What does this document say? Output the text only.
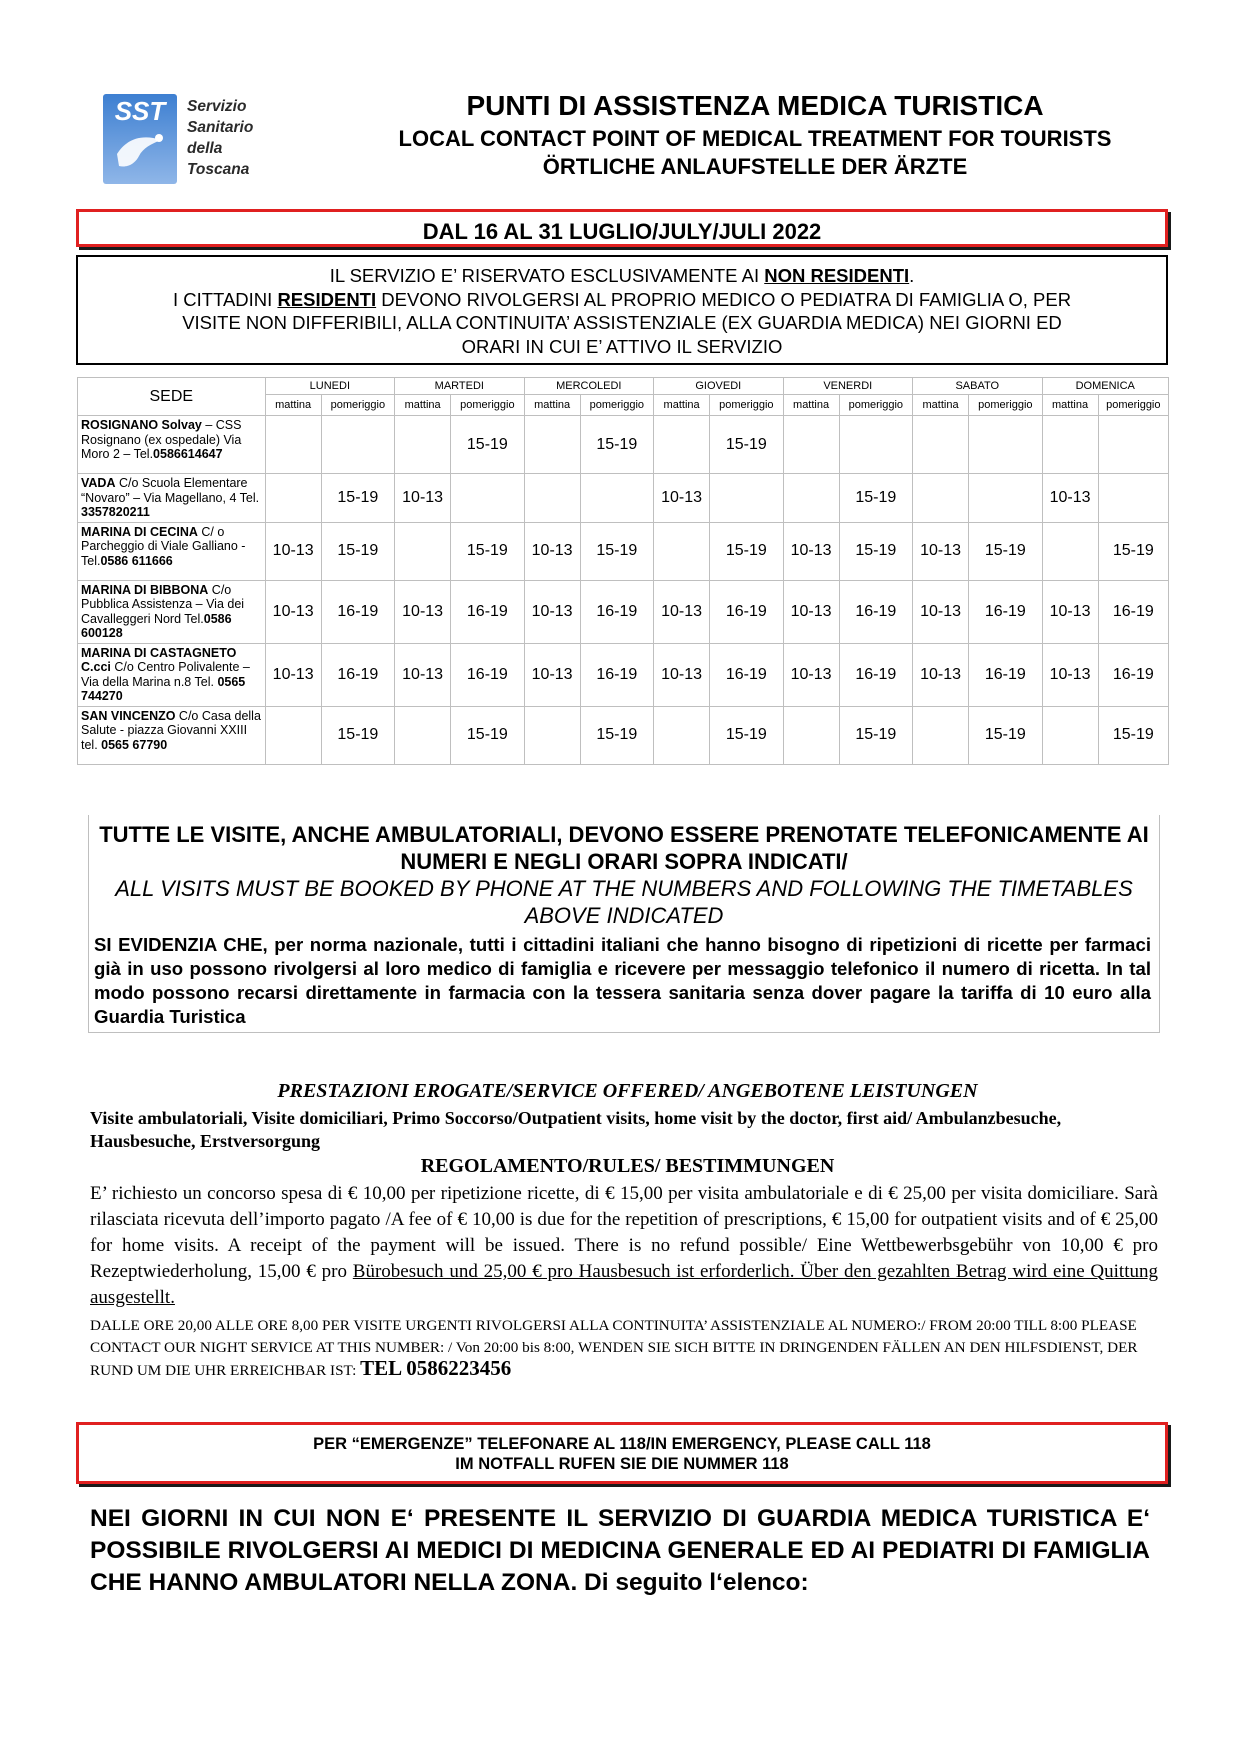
SST Servizio
Sanitario
della
Toscana
PUNTI DI ASSISTENZA MEDICA TURISTICA
LOCAL CONTACT POINT OF MEDICAL TREATMENT FOR TOURISTS
ÖRTLICHE ANLAUFSTELLE DER ÄRZTE
DAL 16 AL 31 LUGLIO/JULY/JULI 2022

IL SERVIZIO E’ RISERVATO ESCLUSIVAMENTE AI NON RESIDENTI.

I CITTADINI RESIDENTI DEVONO RIVOLGERSI AL PROPRIO MEDICO O PEDIATRA DI FAMIGLIA O, PER

VISITE NON DIFFERIBILI, ALLA CONTINUITA’ ASSISTENZIALE (EX GUARDIA MEDICA) NEI GIORNI ED

ORARI IN CUI E’ ATTIVO IL SERVIZIO

SEDE	LUNEDI		MARTEDI		MERCOLEDI		GIOVEDI		VENERDI		SABATO		DOMENICA	
	mattina	pomeriggio	mattina	pomeriggio	mattina	pomeriggio	mattina	pomeriggio	mattina	pomeriggio	mattina	pomeriggio	mattina	pomeriggio
ROSIGNANO Solvay – CSS Rosignano (ex ospedale) Via Moro 2 – Tel.0586614647				15-19		15-19		15-19						
VADA C/o Scuola Elementare “Novaro” – Via Magellano, 4 Tel. 3357820211		15-19	10-13				10-13			15-19			10-13	
MARINA DI CECINA C/ o Parcheggio di Viale Galliano - Tel.0586 611666	10-13	15-19		15-19	10-13	15-19		15-19	10-13	15-19	10-13	15-19		15-19
MARINA DI BIBBONA C/o Pubblica Assistenza – Via dei Cavalleggeri Nord Tel.0586 600128	10-13	16-19	10-13	16-19	10-13	16-19	10-13	16-19	10-13	16-19	10-13	16-19	10-13	16-19
MARINA DI CASTAGNETO C.cci C/o Centro Polivalente – Via della Marina n.8 Tel. 0565 744270	10-13	16-19	10-13	16-19	10-13	16-19	10-13	16-19	10-13	16-19	10-13	16-19	10-13	16-19
SAN VINCENZO C/o Casa della Salute - piazza Giovanni XXIII tel. 0565 67790		15-19		15-19		15-19		15-19		15-19		15-19		15-19
TUTTE LE VISITE, ANCHE AMBULATORIALI, DEVONO ESSERE PRENOTATE TELEFONICAMENTE AI NUMERI E NEGLI ORARI SOPRA INDICATI/
ALL VISITS MUST BE BOOKED BY PHONE AT THE NUMBERS AND FOLLOWING THE TIMETABLES ABOVE INDICATED
SI EVIDENZIA CHE, per norma nazionale, tutti i cittadini italiani che hanno bisogno di ripetizioni di ricette per farmaci già in uso possono rivolgersi al loro medico di famiglia e ricevere per messaggio telefonico il numero di ricetta. In tal modo possono recarsi direttamente in farmacia con la tessera sanitaria senza dover pagare la tariffa di 10 euro alla Guardia Turistica
PRESTAZIONI EROGATE/SERVICE OFFERED/ ANGEBOTENE LEISTUNGEN
Visite ambulatoriali, Visite domiciliari, Primo Soccorso/Outpatient visits, home visit by the doctor, first aid/ Ambulanzbesuche, Hausbesuche, Erstversorgung
REGOLAMENTO/RULES/ BESTIMMUNGEN
E’ richiesto un concorso spesa di € 10,00 per ripetizione ricette, di € 15,00 per visita ambulatoriale e di € 25,00 per visita domiciliare. Sarà rilasciata ricevuta dell’importo pagato /A fee of € 10,00 is due for the repetition of prescriptions, € 15,00 for outpatient visits and of € 25,00 for home visits. A receipt of the payment will be issued. There is no refund possible/ Eine Wettbewerbsgebühr von 10,00 € pro Rezeptwiederholung, 15,00 € pro Bürobesuch und 25,00 € pro Hausbesuch ist erforderlich. Über den gezahlten Betrag wird eine Quittung ausgestellt.
DALLE ORE 20,00 ALLE ORE 8,00 PER VISITE URGENTI RIVOLGERSI ALLA CONTINUITA’ ASSISTENZIALE AL NUMERO:/ FROM 20:00 TILL 8:00 PLEASE CONTACT OUR NIGHT SERVICE AT THIS NUMBER: / Von 20:00 bis 8:00, WENDEN SIE SICH BITTE IN DRINGENDEN FÄLLEN AN DEN HILFSDIENST, DER RUND UM DIE UHR ERREICHBAR IST: TEL 0586223456
PER “EMERGENZE” TELEFONARE AL 118/IN EMERGENCY, PLEASE CALL 118
IM NOTFALL RUFEN SIE DIE NUMMER 118
NEI GIORNI IN CUI NON E‘ PRESENTE IL SERVIZIO DI GUARDIA MEDICA TURISTICA E‘ POSSIBILE RIVOLGERSI AI MEDICI DI MEDICINA GENERALE ED AI PEDIATRI DI FAMIGLIA CHE HANNO AMBULATORI NELLA ZONA. Di seguito l‘elenco:
